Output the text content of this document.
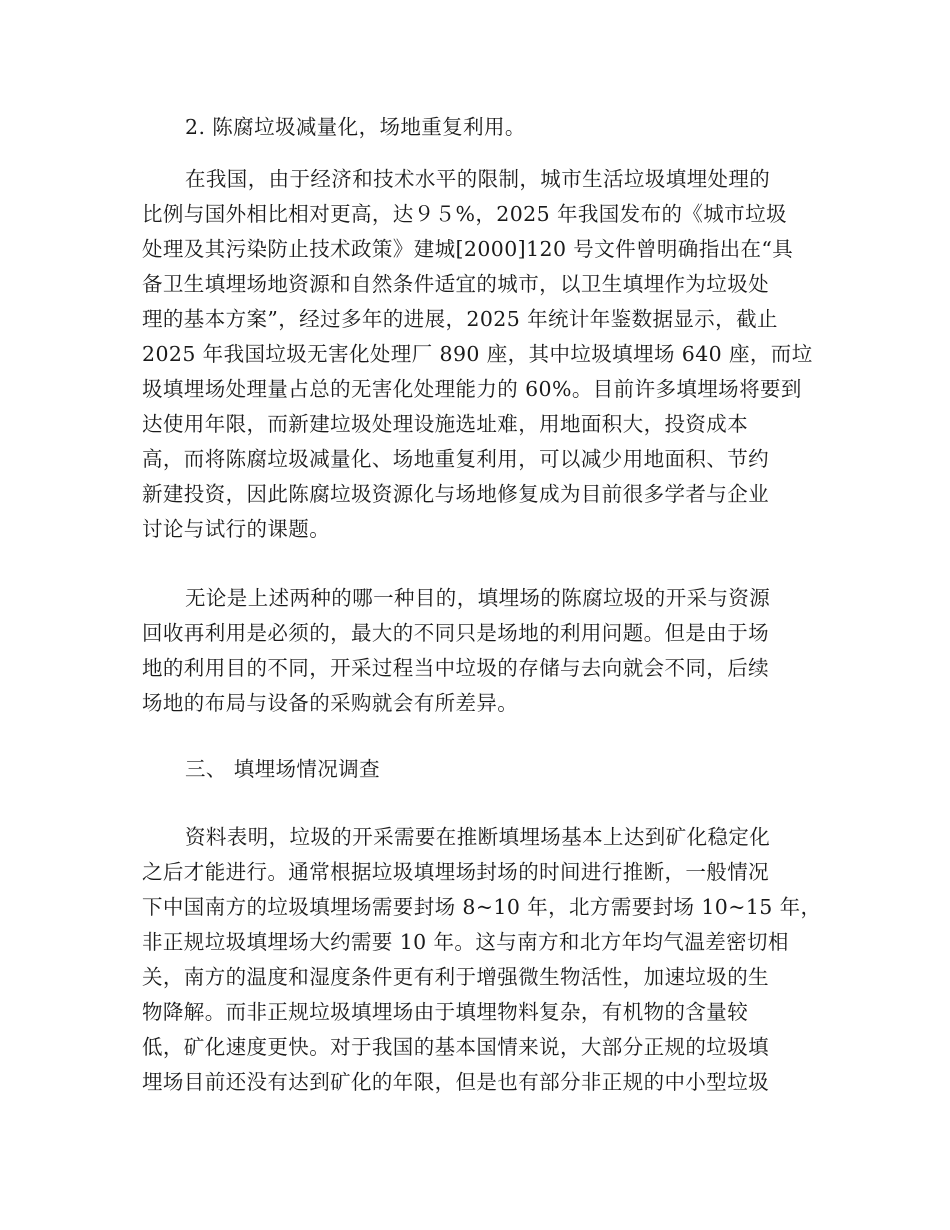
2. 陈腐垃圾减量化，场地重复利用。
在我国，由于经济和技术水平的限制，城市生活垃圾填埋处理的
比例与国外相比相对更高，达９５%，2025 年我国发布的《城市垃圾
处理及其污染防止技术政策》建城[2000]120 号文件曾明确指出在“具
备卫生填埋场地资源和自然条件适宜的城市，以卫生填埋作为垃圾处
理的基本方案”，经过多年的进展，2025 年统计年鉴数据显示，截止
2025 年我国垃圾无害化处理厂 890 座，其中垃圾填埋场 640 座，而垃
圾填埋场处理量占总的无害化处理能力的 60%。目前许多填埋场将要到
达使用年限，而新建垃圾处理设施选址难，用地面积大，投资成本
高，而将陈腐垃圾减量化、场地重复利用，可以减少用地面积、节约
新建投资，因此陈腐垃圾资源化与场地修复成为目前很多学者与企业
讨论与试行的课题。
无论是上述两种的哪一种目的，填埋场的陈腐垃圾的开采与资源
回收再利用是必须的，最大的不同只是场地的利用问题。但是由于场
地的利用目的不同，开采过程当中垃圾的存储与去向就会不同，后续
场地的布局与设备的采购就会有所差异。
三、 填埋场情况调查
资料表明，垃圾的开采需要在推断填埋场基本上达到矿化稳定化
之后才能进行。通常根据垃圾填埋场封场的时间进行推断，一般情况
下中国南方的垃圾填埋场需要封场 8~10 年，北方需要封场 10~15 年，
非正规垃圾填埋场大约需要 10 年。这与南方和北方年均气温差密切相
关，南方的温度和湿度条件更有利于增强微生物活性，加速垃圾的生
物降解。而非正规垃圾填埋场由于填埋物料复杂，有机物的含量较
低，矿化速度更快。对于我国的基本国情来说，大部分正规的垃圾填
埋场目前还没有达到矿化的年限，但是也有部分非正规的中小型垃圾
